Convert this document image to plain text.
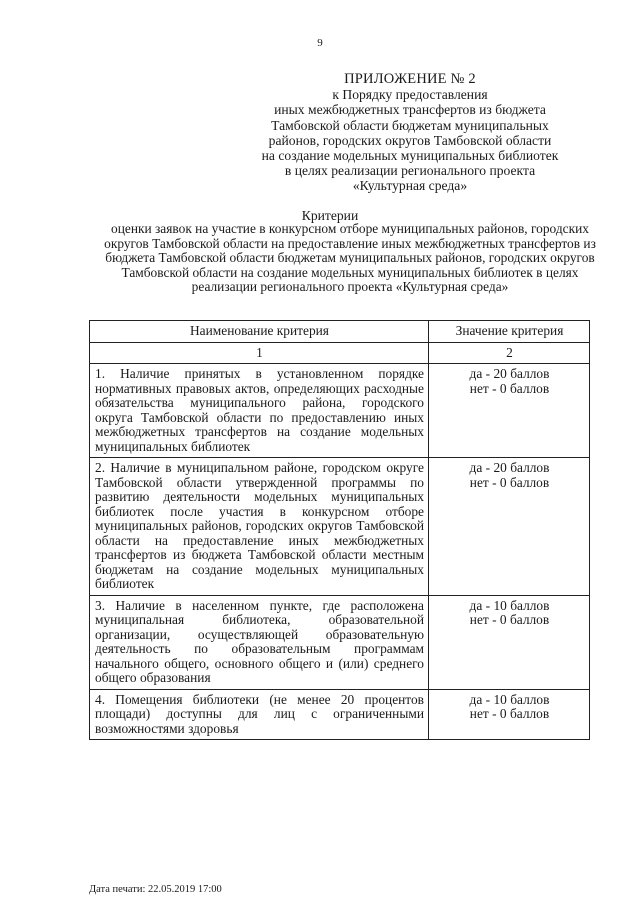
9
ПРИЛОЖЕНИЕ № 2
к Порядку предоставления
иных межбюджетных трансфертов из бюджета
Тамбовской области бюджетам муниципальных
районов, городских округов Тамбовской области
на создание модельных муниципальных библиотек
в целях реализации регионального проекта
«Культурная среда»
Критерии
оценки заявок на участие в конкурсном отборе муниципальных районов, городских округов Тамбовской области на предоставление иных межбюджетных трансфертов из бюджета Тамбовской области бюджетам муниципальных районов, городских округов Тамбовской области на создание модельных муниципальных библиотек в целях реализации регионального проекта «Культурная среда»
Наименование критерия	Значение критерия
1	2
1. Наличие принятых в установленном порядке нормативных правовых актов, определяющих расходные обязательства муниципального района, городского округа Тамбовской области по предоставлению иных межбюджетных трансфертов на создание модельных муниципальных библиотек	да - 20 баллов
нет - 0 баллов

2. Наличие в муниципальном районе, городском округе Тамбовской области утвержденной программы по развитию деятельности модельных муниципальных библиотек после участия в конкурсном отборе муниципальных районов, городских округов Тамбовской области на предоставление иных межбюджетных трансфертов из бюджета Тамбовской области местным бюджетам на создание модельных муниципальных библиотек	да - 20 баллов
нет - 0 баллов

3. Наличие в населенном пункте, где расположена муниципальная библиотека, образовательной организации, осуществляющей образовательную деятельность по образовательным программам начального общего, основного общего и (или) среднего общего образования	да - 10 баллов
нет - 0 баллов

4. Помещения библиотеки (не менее 20 процентов площади) доступны для лиц с ограниченными возможностями здоровья	да - 10 баллов
нет - 0 баллов
Дата печати: 22.05.2019 17:00
